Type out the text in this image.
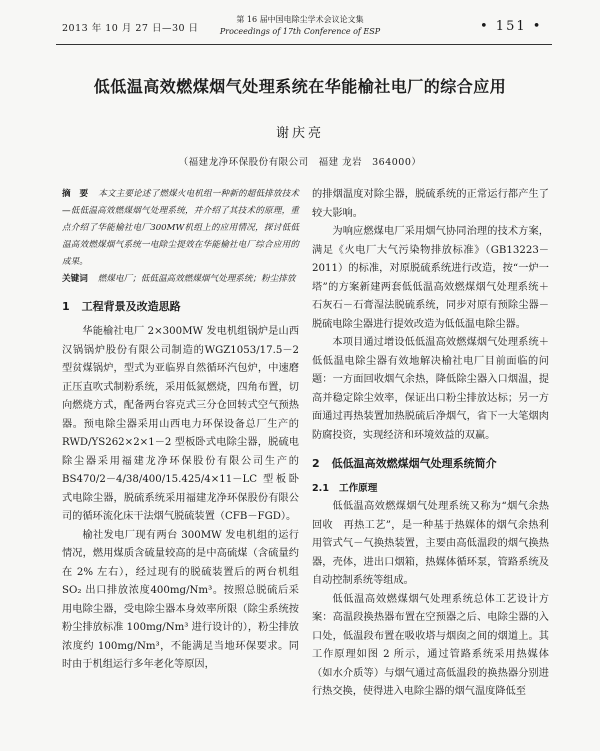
2013 年 10 月 27 日—30 日
第 16 届中国电除尘学术会议论文集
Proceedings of 17th Conference of ESP	• 151 •
低低温高效燃煤烟气处理系统在华能榆社电厂的综合应用
谢庆亮
（福建龙净环保股份有限公司　福建 龙岩　364000）
摘　要 本文主要论述了燃煤火电机组一种新的超低排放技术—低低温高效燃煤烟气处理系统，并介绍了其技术的原理，重点介绍了华能榆社电厂300MW机组上的应用情况，探讨低低温高效燃煤烟气系统一电除尘提效在华能榆社电厂综合应用的成果。
关键词 燃煤电厂；低低温高效燃煤烟气处理系统；粉尘排放
1 工程背景及改造思路

华能榆社电厂 2×300MW 发电机组锅炉是山西汉锅锅炉股份有限公司制造的WGZ1053/17.5－2 型贫煤锅炉，型式为亚临界自然循环汽包炉，中速磨正压直吹式制粉系统，采用低氮燃烧，四角布置，切向燃烧方式，配备两台容克式三分仓回转式空气预热器。预电除尘器采用山西电力环保设备总厂生产的 RWD/YS262×2×1－2 型板卧式电除尘器，脱硫电除尘器采用福建龙净环保股份有限公司生产的 BS470/2－4/38/400/15.425/4×11－LC 型板卧式电除尘器，脱硫系统采用福建龙净环保股份有限公司的循环流化床干法烟气脱硫装置（CFB－FGD）。

榆社发电厂现有两台 300MW 发电机组的运行情况，燃用煤质含硫量较高的是中高硫煤（含硫量约在 2% 左右），经过现有的脱硫装置后的两台机组 SO₂ 出口排放浓度400mg/Nm³。按照总脱硫后采用电除尘器，受电除尘器本身效率所限（除尘系统按粉尘排放标准 100mg/Nm³ 进行设计的），粉尘排放浓度约 100mg/Nm³，不能满足当地环保要求。同时由于机组运行多年老化等原因，

的排烟温度对除尘器，脱硫系统的正常运行都产生了较大影响。

为响应燃煤电厂采用烟气协同治理的技术方案，满足《火电厂大气污染物排放标准》（GB13223－2011）的标准，对原脱硫系统进行改造，按“一炉一塔”的方案新建两套低低温高效燃煤烟气处理系统＋石灰石－石膏湿法脱硫系统，同步对原有预除尘器－脱硫电除尘器进行提效改造为低低温电除尘器。

本项目通过增设低低温高效燃煤烟气处理系统＋低低温电除尘器有效地解决榆社电厂目前面临的问题：一方面回收烟气余热，降低除尘器入口烟温，提高并稳定除尘效率，保证出口粉尘排放达标；另一方面通过再热装置加热脱硫后净烟气，省下一大笔烟肉防腐投资，实现经济和环境效益的双赢。

2 低低温高效燃煤烟气处理系统简介
2.1 工作原理

低低温高效燃煤烟气处理系统又称为“烟气余热回收　再热工艺”，是一种基于热媒体的烟气余热利用管式气－气换热装置，主要由高低温段的烟气换热器，壳体，进出口烟箱，热媒体循环泵，管路系统及自动控制系统等组成。

低低温高效燃煤烟气处理系统总体工艺设计方案：高温段换热器布置在空预器之后、电除尘器的入口处，低温段布置在吸收塔与烟囱之间的烟道上。其工作原理如图 2 所示，通过管路系统采用热媒体（如水介质等）与烟气通过高低温段的换热器分别进行热交换，使得进入电除尘器的烟气温度降低至
